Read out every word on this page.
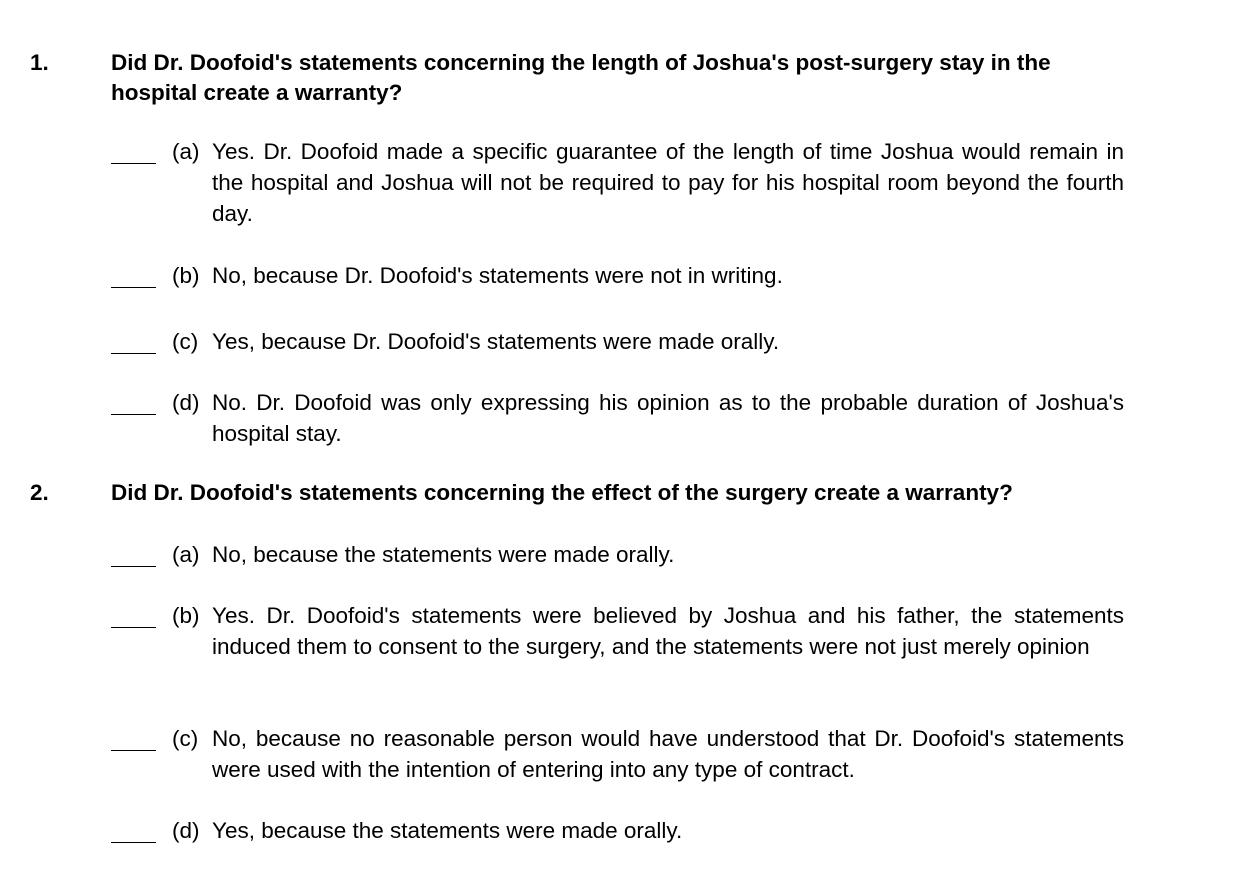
1.	Did Dr. Doofoid's statements concerning the length of Joshua's post-surgery stay in the hospital create a warranty?
(a) Yes. Dr. Doofoid made a specific guarantee of the length of time Joshua would remain in the hospital and Joshua will not be required to pay for his hospital room beyond the fourth day.
(b) No, because Dr. Doofoid's statements were not in writing.
(c) Yes, because Dr. Doofoid's statements were made orally.
(d) No. Dr. Doofoid was only expressing his opinion as to the probable duration of Joshua's hospital stay.
2.	Did Dr. Doofoid's statements concerning the effect of the surgery create a warranty?
(a) No, because the statements were made orally.
(b) Yes. Dr. Doofoid's statements were believed by Joshua and his father, the statements induced them to consent to the surgery, and the statements were not just merely opinion
(c) No, because no reasonable person would have understood that Dr. Doofoid's statements were used with the intention of entering into any type of contract.
(d) Yes, because the statements were made orally.
